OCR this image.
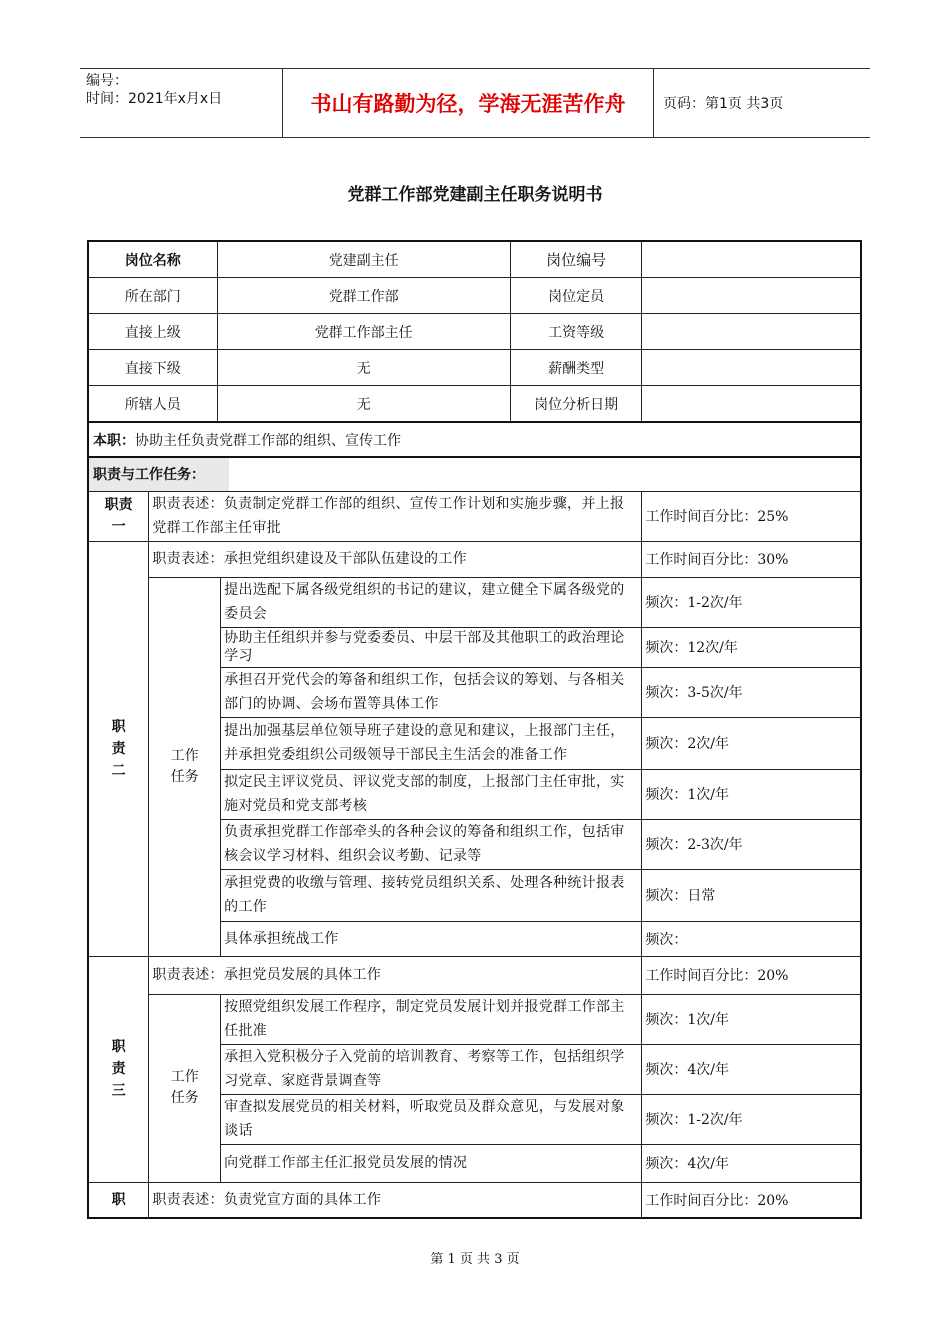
编号：
时间：2021年x月x日	书山有路勤为径，学海无涯苦作舟	页码：第1页 共3页
党群工作部党建副主任职务说明书
岗位名称		党建副主任		岗位编号	
所在部门		党群工作部		岗位定员	
直接上级		党群工作部主任		工资等级	
直接下级		无		薪酬类型	
所辖人员		无		岗位分析日期	
本职：协助主任负责党群工作部的组织、宣传工作					
职责与工作任务：					
职责
一	职责表述：负责制定党群工作部的组织、宣传工作计划和实施步骤，并上报党群工作部主任审批				工作时间百分比：25%
职
责
二	职责表述：承担党组织建设及干部队伍建设的工作				工作时间百分比：30%
	工作
任务		提出选配下属各级党组织的书记的建议，建立健全下属各级党的委员会		频次：1-2次/年
			协助主任组织并参与党委委员、中层干部及其他职工的政治理论学习		频次：12次/年
			承担召开党代会的筹备和组织工作，包括会议的筹划、与各相关部门的协调、会场布置等具体工作		频次：3-5次/年
			提出加强基层单位领导班子建设的意见和建议，上报部门主任，并承担党委组织公司级领导干部民主生活会的准备工作		频次：2次/年
			拟定民主评议党员、评议党支部的制度，上报部门主任审批，实施对党员和党支部考核		频次：1次/年
			负责承担党群工作部牵头的各种会议的筹备和组织工作，包括审核会议学习材料、组织会议考勤、记录等		频次：2-3次/年
			承担党费的收缴与管理、接转党员组织关系、处理各种统计报表的工作		频次：日常
			具体承担统战工作		频次：
职
责
三	职责表述：承担党员发展的具体工作				工作时间百分比：20%
	工作
任务		按照党组织发展工作程序，制定党员发展计划并报党群工作部主任批准		频次：1次/年
			承担入党积极分子入党前的培训教育、考察等工作，包括组织学习党章、家庭背景调查等		频次：4次/年
			审查拟发展党员的相关材料，听取党员及群众意见，与发展对象谈话		频次：1-2次/年
			向党群工作部主任汇报党员发展的情况		频次：4次/年
职	职责表述：负责党宣方面的具体工作				工作时间百分比：20%
第 1 页 共 3 页
